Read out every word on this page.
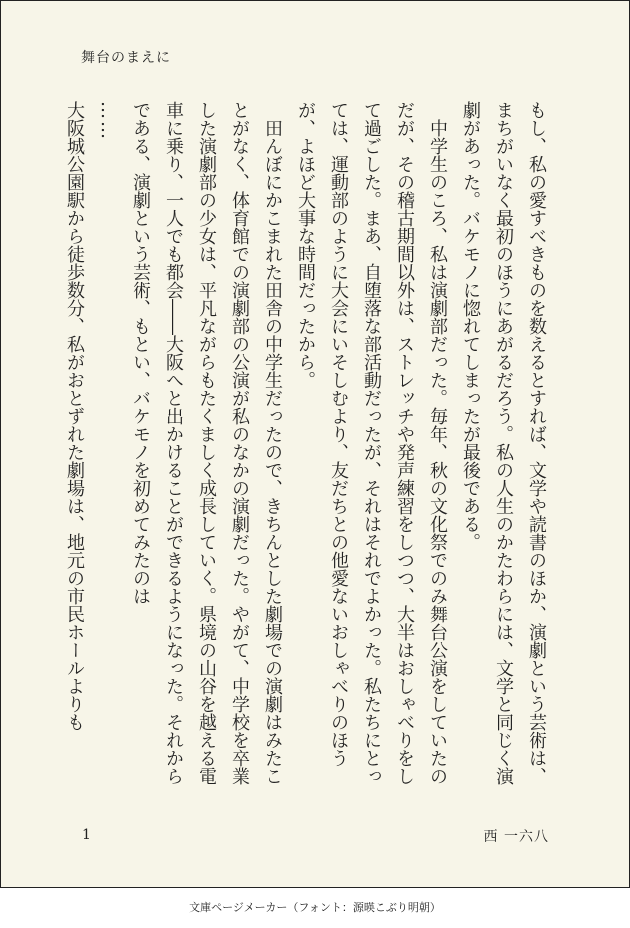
舞台のまえに

もし、私の愛すべきものを数えるとすれば、文学や読書のほか、演劇という芸術は、まちがいなく最初のほうにあがるだろう。私の人生のかたわらには、文学と同じく演劇があった。バケモノに惚れてしまったが最後である。

中学生のころ、私は演劇部だった。毎年、秋の文化祭でのみ舞台公演をしていたのだが、その稽古期間以外は、ストレッチや発声練習をしつつ、大半はおしゃべりをして過ごした。まあ、自堕落な部活動だったが、それはそれでよかった。私たちにとっては、運動部のように大会にいそしむより、友だちとの他愛ないおしゃべりのほうが、よほど大事な時間だったから。

田んぼにかこまれた田舎の中学生だったので、きちんとした劇場での演劇はみたことがなく、体育館での演劇部の公演が私のなかの演劇だった。やがて、中学校を卒業した演劇部の少女は、平凡ながらもたくましく成長していく。県境の山谷を越える電車に乗り、一人でも都会――大阪へと出かけることができるようになった。それからである、演劇という芸術、もとい、バケモノを初めてみたのは

……

大阪城公園駅から徒歩数分、私がおとずれた劇場は、地元の市民ホールよりも

1	西 一六八
文庫ページメーカー（フォント：源暎こぶり明朝）
